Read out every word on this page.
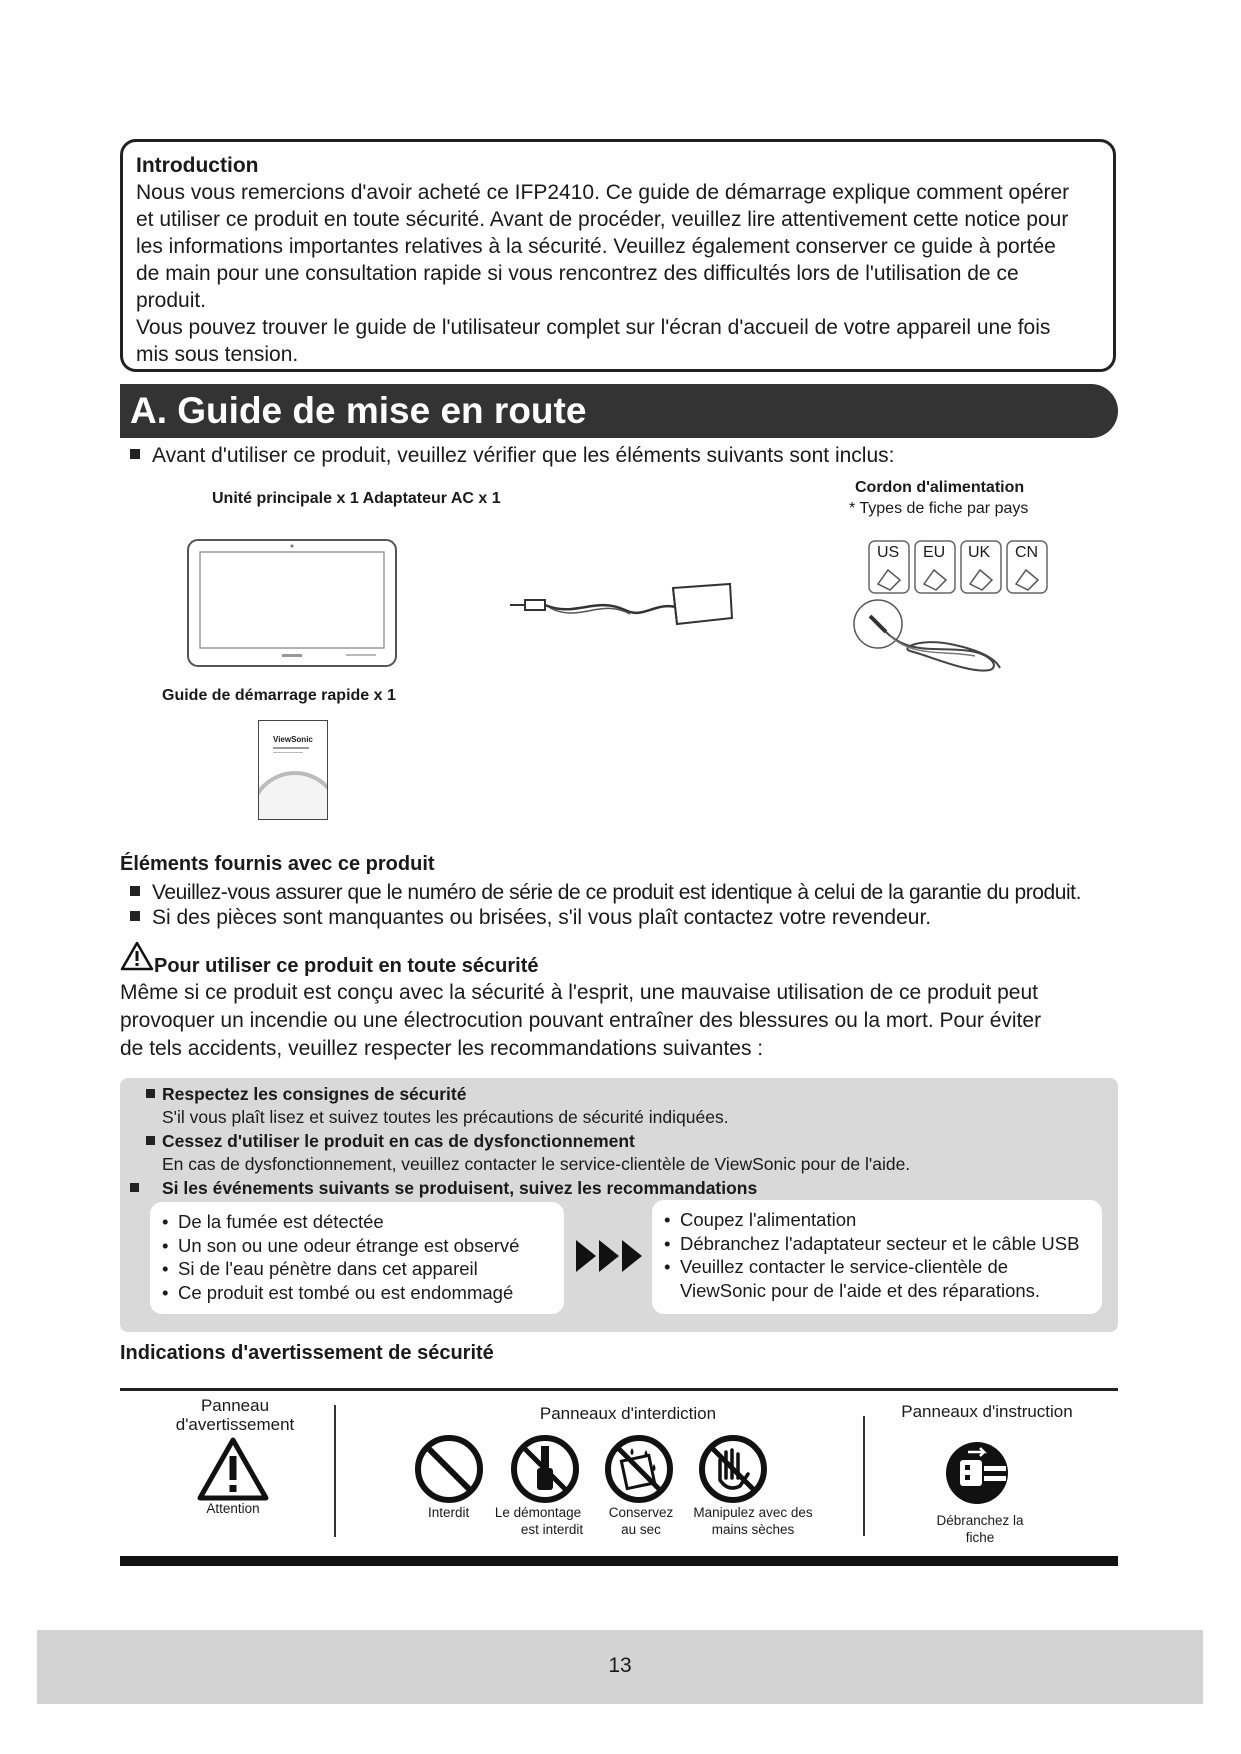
Introduction
Nous vous remercions d'avoir acheté ce IFP2410. Ce guide de démarrage explique comment opérer
et utiliser ce produit en toute sécurité. Avant de procéder, veuillez lire attentivement cette notice pour
les informations importantes relatives à la sécurité. Veuillez également conserver ce guide à portée
de main pour une consultation rapide si vous rencontrez des difficultés lors de l'utilisation de ce
produit.
Vous pouvez trouver le guide de l'utilisateur complet sur l'écran d'accueil de votre appareil une fois
mis sous tension.
A. Guide de mise en route
Avant d'utiliser ce produit, veuillez vérifier que les éléments suivants sont inclus:
Unité principale x 1 Adaptateur AC x 1
Cordon d'alimentation
* Types de fiche par pays
US EU UK CN
Guide de démarrage rapide x 1
ViewSonic
Éléments fournis avec ce produit
Veuillez-vous assurer que le numéro de série de ce produit est identique à celui de la garantie du produit.
Si des pièces sont manquantes ou brisées, s'il vous plaît contactez votre revendeur.
Pour utiliser ce produit en toute sécurité
Même si ce produit est conçu avec la sécurité à l'esprit, une mauvaise utilisation de ce produit peut
provoquer un incendie ou une électrocution pouvant entraîner des blessures ou la mort. Pour éviter
de tels accidents, veuillez respecter les recommandations suivantes :
Respectez les consignes de sécurité
S'il vous plaît lisez et suivez toutes les précautions de sécurité indiquées.
Cessez d'utiliser le produit en cas de dysfonctionnement
En cas de dysfonctionnement, veuillez contacter le service-clientèle de ViewSonic pour de l'aide.
Si les événements suivants se produisent, suivez les recommandations
• De la fumée est détectée
• Un son ou une odeur étrange est observé
• Si de l'eau pénètre dans cet appareil
• Ce produit est tombé ou est endommagé
• Coupez l'alimentation
• Débranchez l'adaptateur secteur et le câble USB
• Veuillez contacter le service-clientèle de
ViewSonic pour de l'aide et des réparations.
Indications d'avertissement de sécurité
Panneau
d'avertissement
Attention
Panneaux d'interdiction
Interdit	Le démontage
est interdit
Conservez
au sec
Manipulez avec des
mains sèches
Panneaux d'instruction
Débranchez la
fiche
13
